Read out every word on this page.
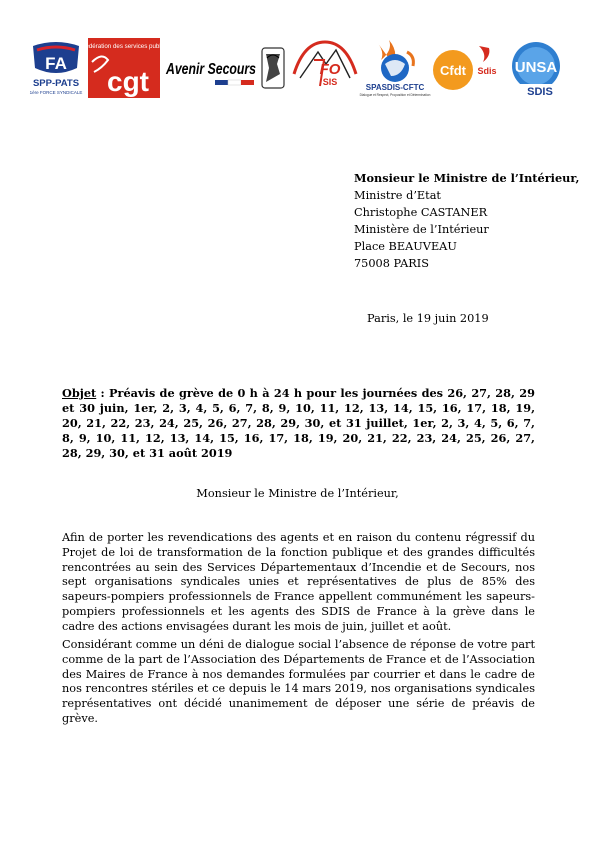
FA
SPP-PATS
1ère FORCE SYNDICALE
fédération des services publics
cgt Avenir Secours	FO
SIS
SPASDIS-CFTC
Dialogue et Respect, Proposition et Détermination
Cfdt Sdis UNSA
SDIS
Monsieur le Ministre de l’Intérieur,
Ministre d’Etat
Christophe CASTANER
Ministère de l’Intérieur
Place BEAUVEAU
75008 PARIS
Paris, le 19 juin 2019
Objet : Préavis de grève de 0 h à 24 h pour les journées des 26, 27, 28, 29 et 30 juin, 1er, 2, 3, 4, 5, 6, 7, 8, 9, 10, 11, 12, 13, 14, 15, 16, 17, 18, 19, 20, 21, 22, 23, 24, 25, 26, 27, 28, 29, 30, et 31 juillet, 1er, 2, 3, 4, 5, 6, 7, 8, 9, 10, 11, 12, 13, 14, 15, 16, 17, 18, 19, 20, 21, 22, 23, 24, 25, 26, 27, 28, 29, 30, et 31 août 2019
Monsieur le Ministre de l’Intérieur,
Afin de porter les revendications des agents et en raison du contenu régressif du Projet de loi de transformation de la fonction publique et des grandes difficultés rencontrées au sein des Services Départementaux d’Incendie et de Secours, nos sept organisations syndicales unies et représentatives de plus de 85% des sapeurs-pompiers professionnels de France appellent communément les sapeurs-pompiers professionnels et les agents des SDIS de France à la grève dans le cadre des actions envisagées durant les mois de juin, juillet et août.
Considérant comme un déni de dialogue social l’absence de réponse de votre part comme de la part de l’Association des Départements de France et de l’Association des Maires de France à nos demandes formulées par courrier et dans le cadre de nos rencontres stériles et ce depuis le 14 mars 2019, nos organisations syndicales représentatives ont décidé unanimement de déposer une série de préavis de grève.
